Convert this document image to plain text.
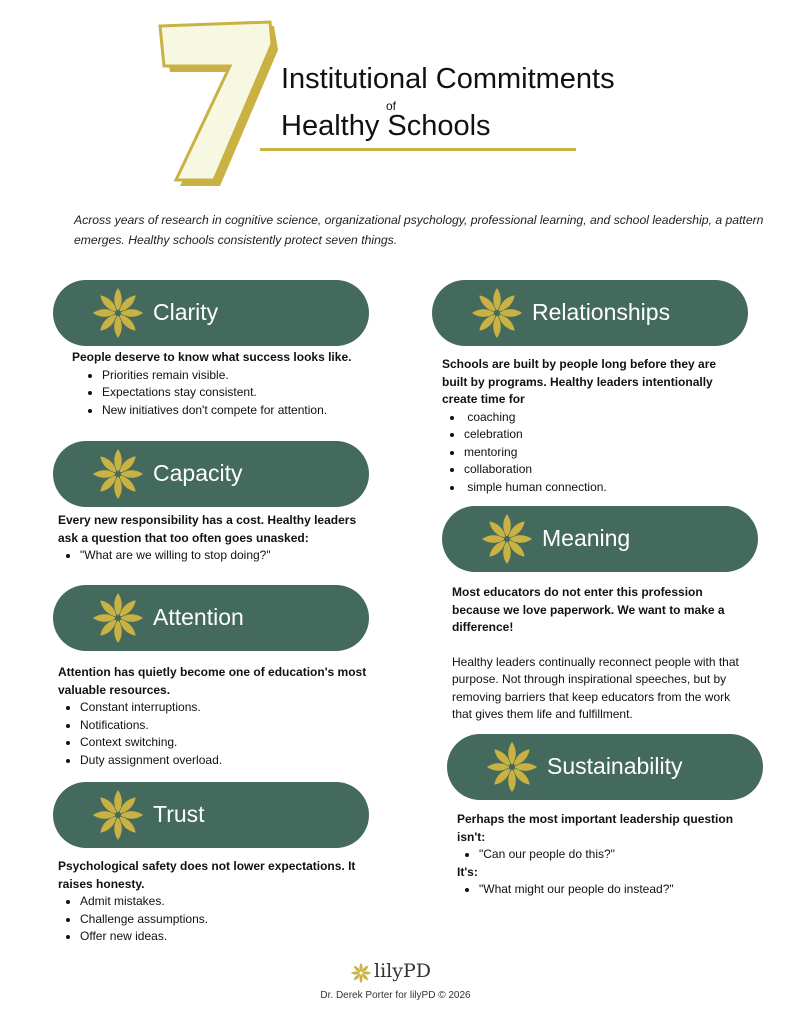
7
Institutional Commitments
of
Healthy Schools
Across years of research in cognitive science, organizational psychology, professional learning, and school leadership, a pattern emerges. Healthy schools consistently protect seven things.
Clarity

People deserve to know what success looks like.

• Priorities remain visible.
• Expectations stay consistent.
• New initiatives don't compete for attention.
Capacity

Every new responsibility has a cost. Healthy leaders ask a question that too often goes unasked:

• "What are we willing to stop doing?"
Attention

Attention has quietly become one of education's most valuable resources.

• Constant interruptions.
• Notifications.
• Context switching.
• Duty assignment overload.
Trust

Psychological safety does not lower expectations. It raises honesty.

• Admit mistakes.
• Challenge assumptions.
• Offer new ideas.
Relationships

Schools are built by people long before they are built by programs. Healthy leaders intentionally create time for

•  coaching
• celebration
• mentoring
• collaboration
•  simple human connection.
Meaning

Most educators do not enter this profession because we love paperwork. We want to make a difference!

Healthy leaders continually reconnect people with that purpose. Not through inspirational speeches, but by removing barriers that keep educators from the work that gives them life and fulfillment.

Sustainability

Perhaps the most important leadership question isn't:

• "Can our people do this?"

It's:

• "What might our people do instead?"
lilyPD
Dr. Derek Porter for lilyPD © 2026
